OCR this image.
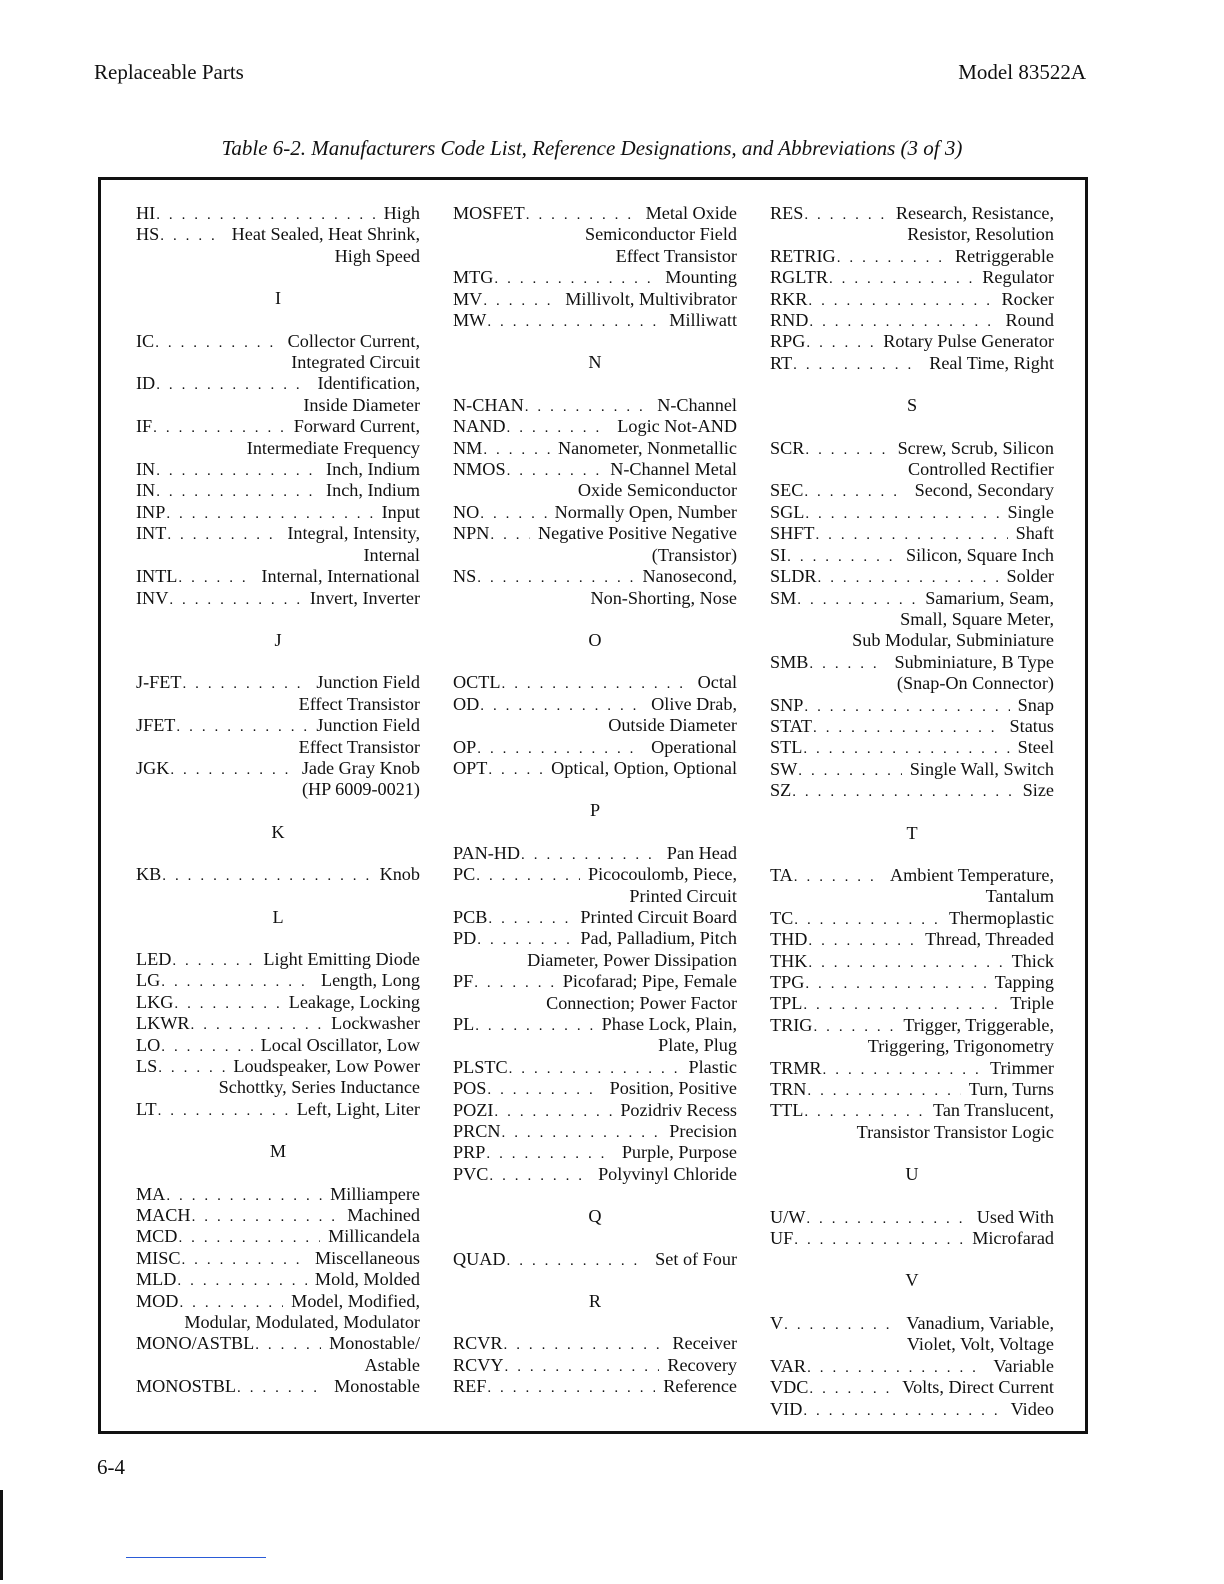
Replaceable Parts	Model 83522A
Table 6-2. Manufacturers Code List, Reference Designations, and Abbreviations (3 of 3)
HI . . .	High
HS . . .	Heat Sealed, Heat Shrink,
High Speed
I
IC . . .	Collector Current,
Integrated Circuit
ID . . .	Identification,
Inside Diameter
IF . . .	Forward Current,
Intermediate Frequency
IN . . .	Inch, Indium
IN . . .	Inch, Indium
INP . . .	Input
INT . . .	Integral, Intensity,
Internal
INTL . . .	Internal, International
INV . . .	Invert, Inverter
J
J-FET . . .	Junction Field
Effect Transistor
JFET . . .	Junction Field
Effect Transistor
JGK . . .	Jade Gray Knob
(HP 6009-0021)
K
KB . . .	Knob
L
LED . . .	Light Emitting Diode
LG . . .	Length, Long
LKG . . .	Leakage, Locking
LKWR . . .	Lockwasher
LO . . .	Local Oscillator, Low
LS . . .	Loudspeaker, Low Power
Schottky, Series Inductance
LT . . .	Left, Light, Liter
M
MA . . .	Milliampere
MACH . . .	Machined
MCD . . .	Millicandela
MISC . . .	Miscellaneous
MLD . . .	Mold, Molded
MOD . . .	Model, Modified,
Modular, Modulated, Modulator
MONO/ASTBL . . .	Monostable/
Astable
MONOSTBL . . .	Monostable
MOSFET . . .	Metal Oxide
Semiconductor Field
Effect Transistor
MTG . . .	Mounting
MV . . .	Millivolt, Multivibrator
MW . . .	Milliwatt
N
N-CHAN . . .	N-Channel
NAND . . .	Logic Not-AND
NM . . .	Nanometer, Nonmetallic
NMOS . . .	N-Channel Metal
Oxide Semiconductor
NO . . .	Normally Open, Number
NPN . . .	Negative Positive Negative
(Transistor)
NS . . .	Nanosecond,
Non-Shorting, Nose
O
OCTL . . .	Octal
OD . . .	Olive Drab,
Outside Diameter
OP . . .	Operational
OPT . . .	Optical, Option, Optional
P
PAN-HD . . .	Pan Head
PC . . .	Picocoulomb, Piece,
Printed Circuit
PCB . . .	Printed Circuit Board
PD . . .	Pad, Palladium, Pitch
Diameter, Power Dissipation
PF . . .	Picofarad; Pipe, Female
Connection; Power Factor
PL . . .	Phase Lock, Plain,
Plate, Plug
PLSTC . . .	Plastic
POS . . .	Position, Positive
POZI . . .	Pozidriv Recess
PRCN . . .	Precision
PRP . . .	Purple, Purpose
PVC . . .	Polyvinyl Chloride
Q
QUAD . . .	Set of Four
R
RCVR . . .	Receiver
RCVY . . .	Recovery
REF . . .	Reference
RES . . .	Research, Resistance,
Resistor, Resolution
RETRIG . . .	Retriggerable
RGLTR . . .	Regulator
RKR . . .	Rocker
RND . . .	Round
RPG . . .	Rotary Pulse Generator
RT . . .	Real Time, Right
S
SCR . . .	Screw, Scrub, Silicon
Controlled Rectifier
SEC . . .	Second, Secondary
SGL . . .	Single
SHFT . . .	Shaft
SI . . .	Silicon, Square Inch
SLDR . . .	Solder
SM . . .	Samarium, Seam,
Small, Square Meter,
Sub Modular, Subminiature
SMB . . .	Subminiature, B Type
(Snap-On Connector)
SNP . . .	Snap
STAT . . .	Status
STL . . .	Steel
SW . . .	Single Wall, Switch
SZ . . .	Size
T
TA . . .	Ambient Temperature,
Tantalum
TC . . .	Thermoplastic
THD . . .	Thread, Threaded
THK . . .	Thick
TPG . . .	Tapping
TPL . . .	Triple
TRIG . . .	Trigger, Triggerable,
Triggering, Trigonometry
TRMR . . .	Trimmer
TRN . . .	Turn, Turns
TTL . . .	Tan Translucent,
Transistor Transistor Logic
U
U/W . . .	Used With
UF . . .	Microfarad
V
V . . .	Vanadium, Variable,
Violet, Volt, Voltage
VAR . . .	Variable
VDC . . .	Volts, Direct Current
VID . . .	Video
6-4
